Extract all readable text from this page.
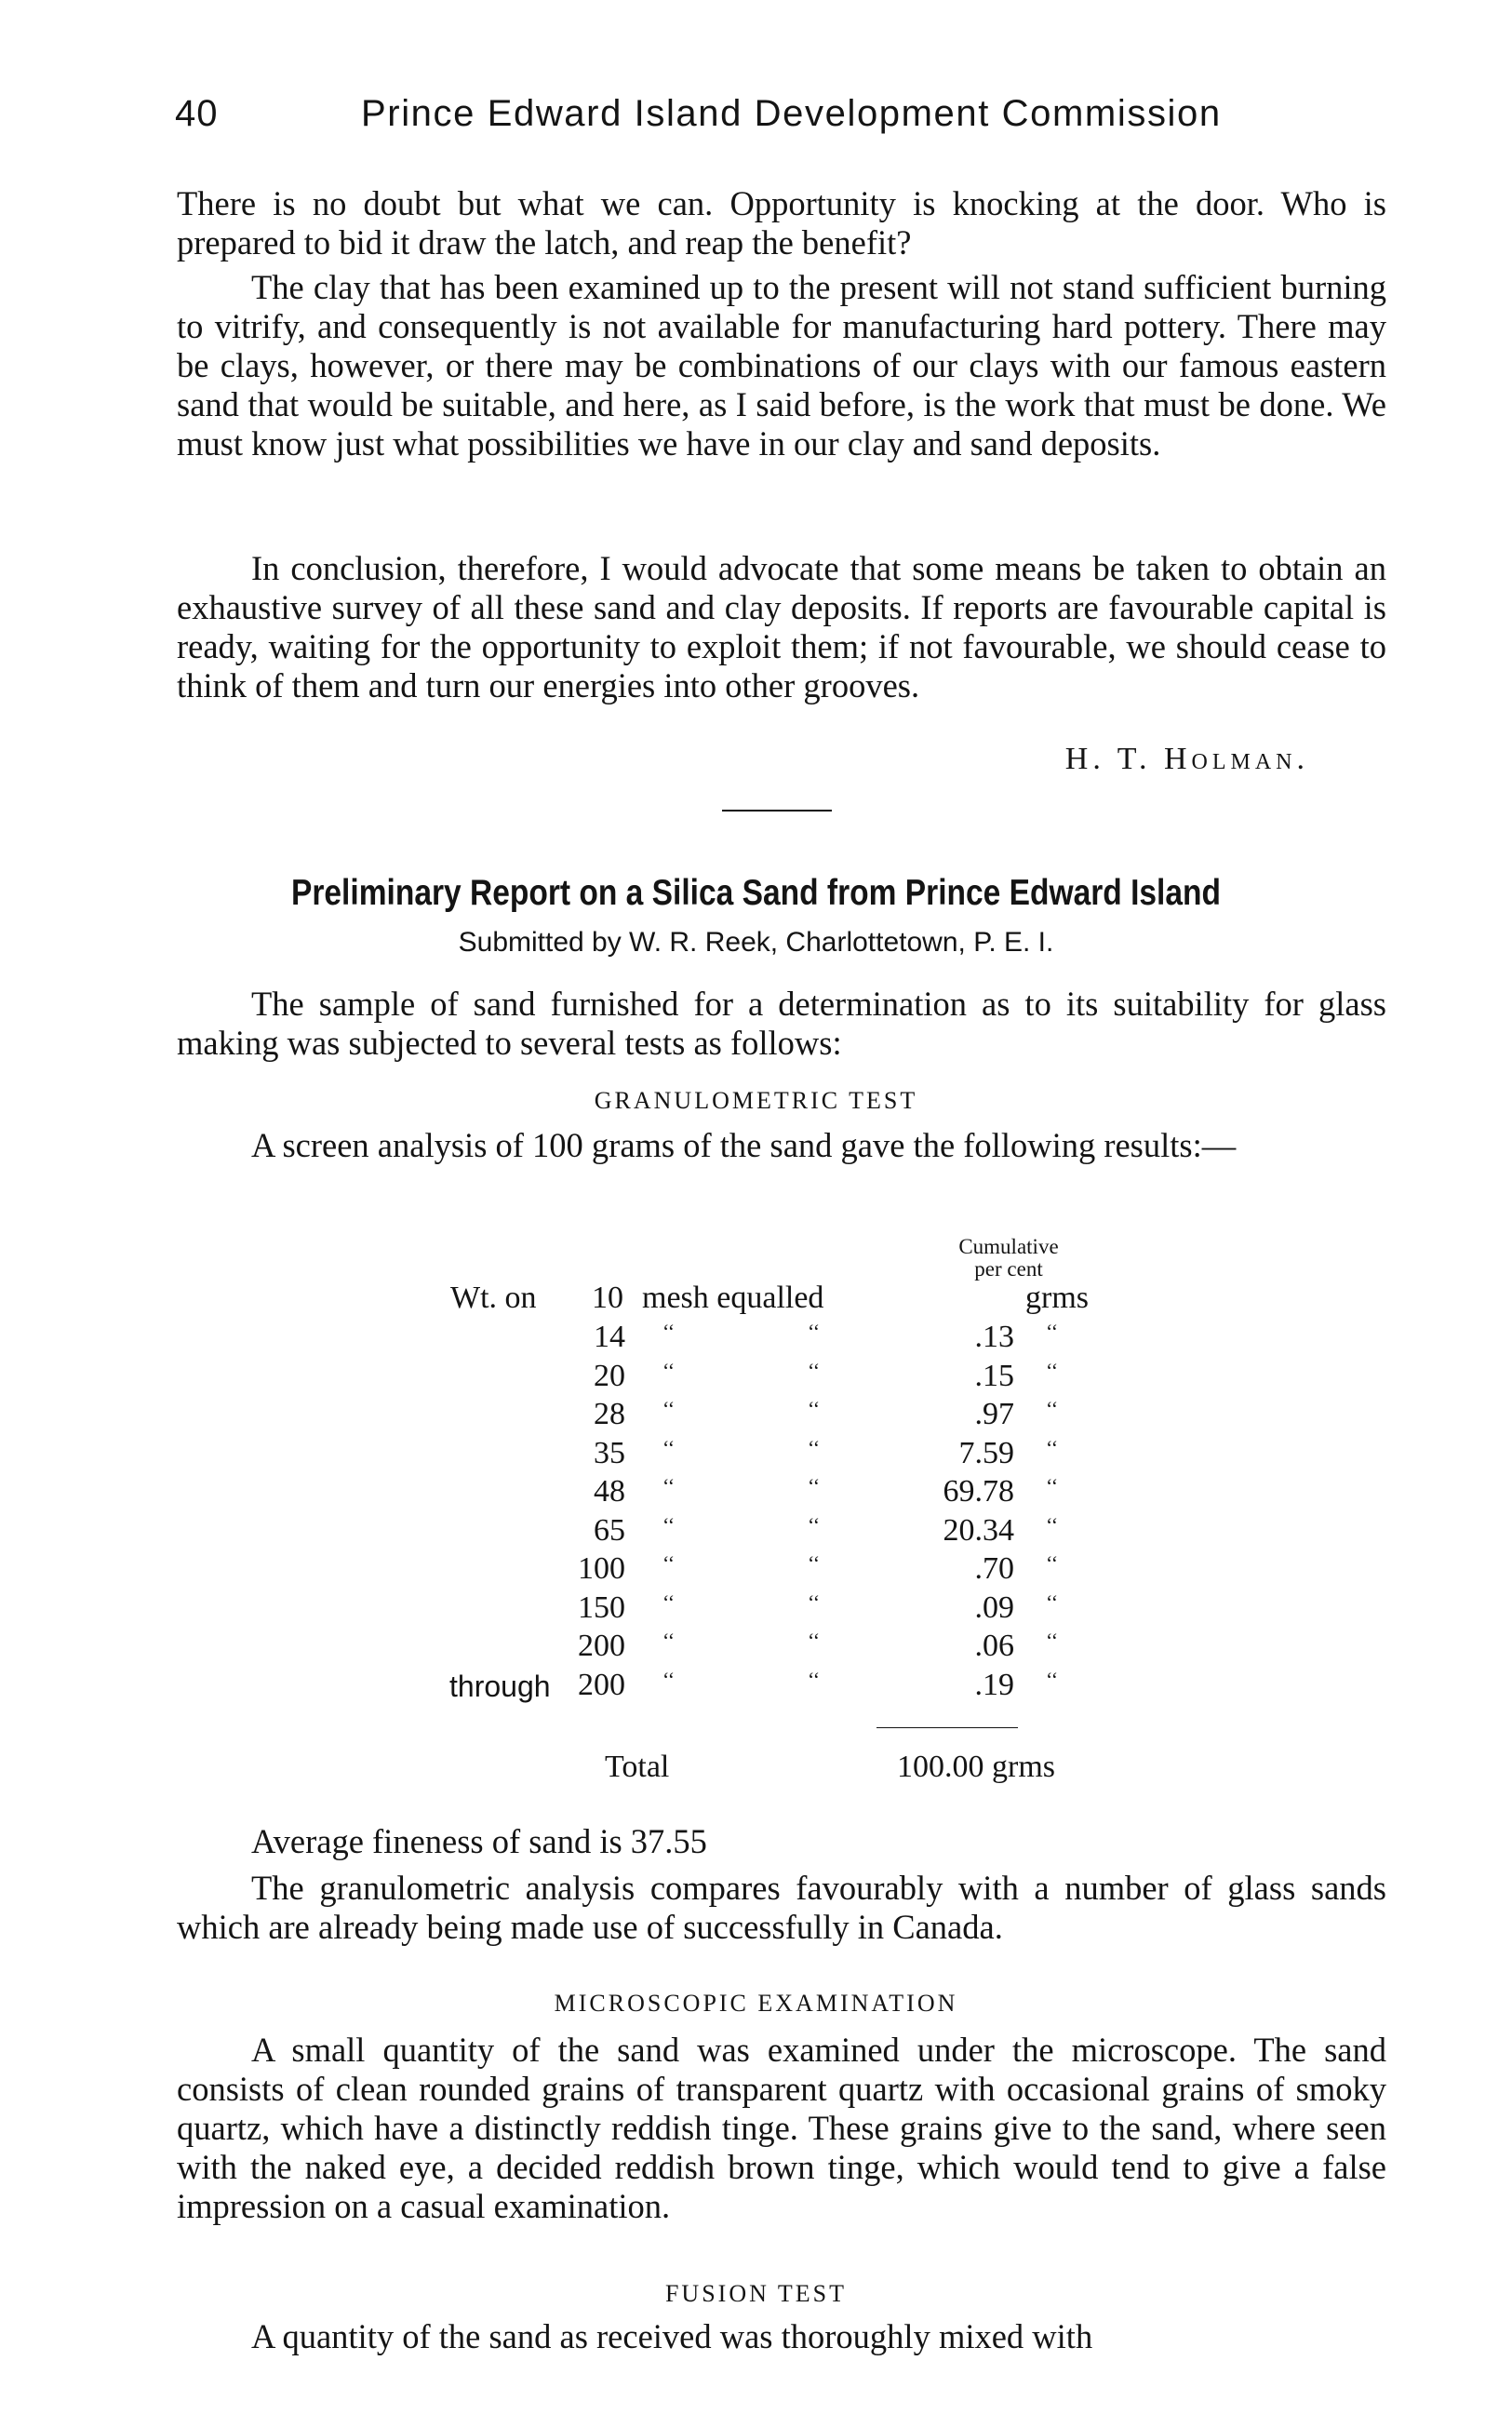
40	Prince Edward Island Development Commission

There is no doubt but what we can. Opportunity is knocking at the door. Who is prepared to bid it draw the latch, and reap the benefit?

The clay that has been examined up to the present will not stand sufficient burning to vitrify, and consequently is not available for manufacturing hard pottery. There may be clays, however, or there may be combinations of our clays with our famous eastern sand that would be suitable, and here, as I said before, is the work that must be done. We must know just what possibilities we have in our clay and sand deposits.

In conclusion, therefore, I would advocate that some means be taken to obtain an exhaustive survey of all these sand and clay deposits. If reports are favourable capital is ready, waiting for the opportunity to exploit them; if not favourable, we should cease to think of them and turn our energies into other grooves.

H. T. Holman.
Preliminary Report on a Silica Sand from Prince Edward Island
Submitted by W. R. Reek, Charlottetown, P. E. I.

The sample of sand furnished for a determination as to its suitability for glass making was subjected to several tests as follows:

GRANULOMETRIC TEST

A screen analysis of 100 grams of the sand gave the following results:—

Cumulative
per cent
Wt. on 10 mesh equalled	grms
14 ‘‘	‘‘	.13 ‘‘
20 ‘‘	‘‘	.15 ‘‘
28 ‘‘	‘‘	.97 ‘‘
35 ‘‘	‘‘	7.59 ‘‘
48 ‘‘	‘‘	69.78 ‘‘
65 ‘‘	‘‘	20.34 ‘‘
100 ‘‘	‘‘	.70 ‘‘
150 ‘‘	‘‘	.09 ‘‘
200 ‘‘	‘‘	.06 ‘‘
through 200 ‘‘	‘‘	.19 ‘‘
Total	100.00 grms

Average fineness of sand is 37.55

The granulometric analysis compares favourably with a number of glass sands which are already being made use of successfully in Canada.

MICROSCOPIC EXAMINATION

A small quantity of the sand was examined under the microscope. The sand consists of clean rounded grains of transparent quartz with occasional grains of smoky quartz, which have a distinctly reddish tinge. These grains give to the sand, where seen with the naked eye, a decided reddish brown tinge, which would tend to give a false impression on a casual examination.

FUSION TEST

A quantity of the sand as received was thoroughly mixed with
